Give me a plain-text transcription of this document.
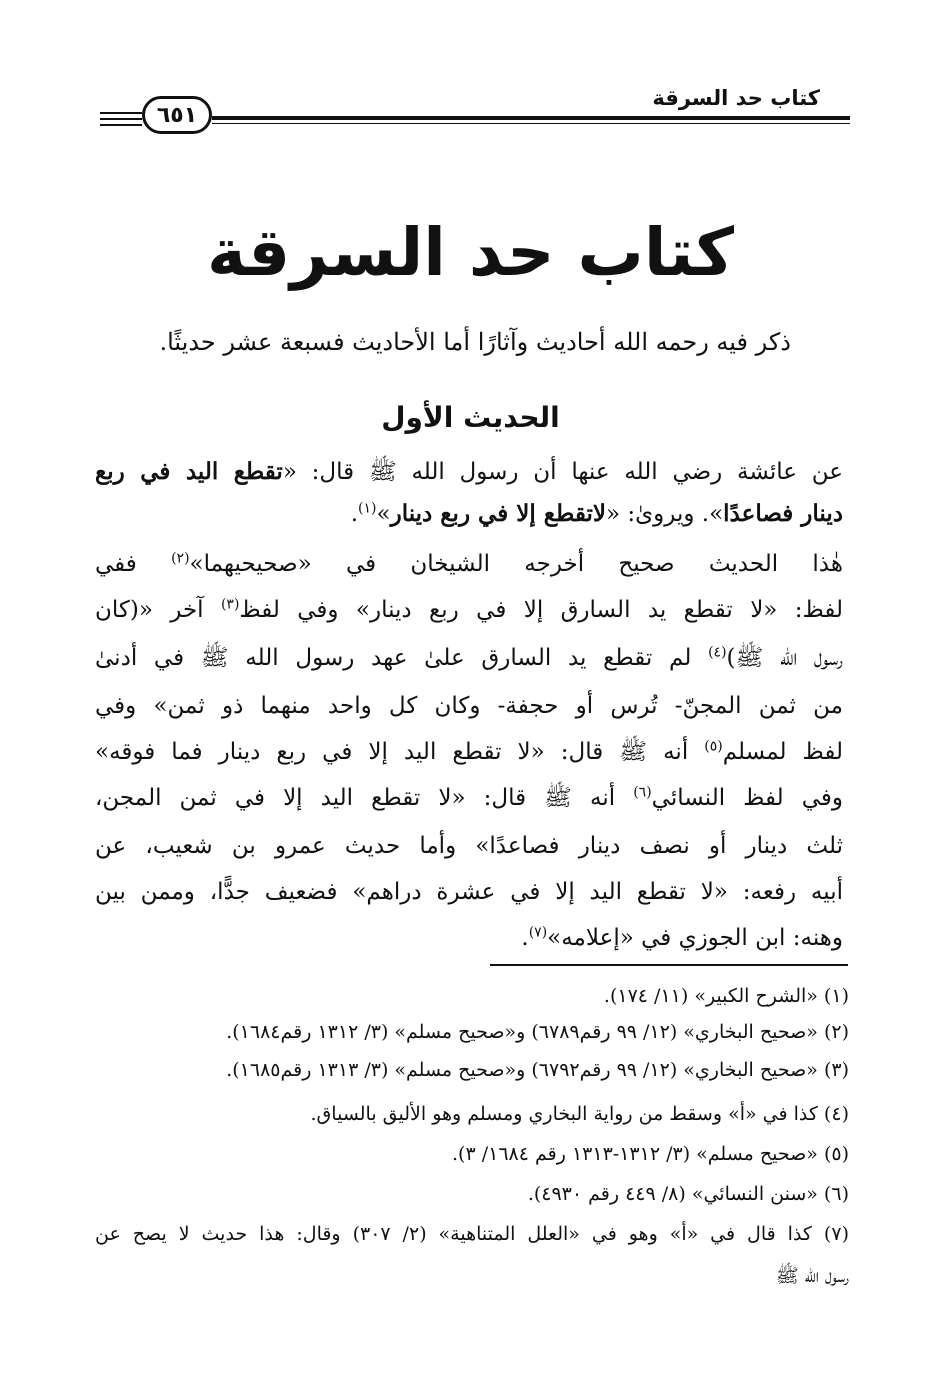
كتاب حد السرقة
٦٥١
كتاب حد السرقة
ذكر فيه رحمه الله أحاديث وآثارًا أما الأحاديث فسبعة عشر حديثًا.
الحديث الأول
عن عائشة رضي الله عنها أن رسول الله ﷺ قال: «تقطع اليد في ربع
دينار فصاعدًا». ويروىٰ: «لاتقطع إلا في ربع دينار»$^{(١)}$.
هٰذا الحديث صحيح أخرجه الشيخان في «صحيحيهما»$^{(٢)}$ ففي
لفظ: «لا تقطع يد السارق إلا في ربع دينار» وفي لفظ$^{(٣)}$ آخر «(كان
رسول الله ﷺ)$^{(٤)}$ لم تقطع يد السارق علىٰ عهد رسول الله ﷺ في أدنىٰ
من ثمن المجنّ- تُرس أو حجفة- وكان كل واحد منهما ذو ثمن» وفي
لفظ لمسلم$^{(٥)}$ أنه ﷺ قال: «لا تقطع اليد إلا في ربع دينار فما فوقه»
وفي لفظ النسائي$^{(٦)}$ أنه ﷺ قال: «لا تقطع اليد إلا في ثمن المجن،
ثلث دينار أو نصف دينار فصاعدًا» وأما حديث عمرو بن شعيب، عن
أبيه رفعه: «لا تقطع اليد إلا في عشرة دراهم» فضعيف جدًّا، وممن بين
وهنه: ابن الجوزي في «إعلامه»$^{(٧)}$.
(١) «الشرح الكبير» (١١/ ١٧٤).
(٢) «صحيح البخاري» (١٢/ ٩٩ رقم٦٧٨٩) و«صحيح مسلم» (٣/ ١٣١٢ رقم١٦٨٤).
(٣) «صحيح البخاري» (١٢/ ٩٩ رقم٦٧٩٢) و«صحيح مسلم» (٣/ ١٣١٣ رقم١٦٨٥).
(٤) كذا في «أ» وسقط من رواية البخاري ومسلم وهو الأليق بالسياق.
(٥) «صحيح مسلم» (٣/ ١٣١٢-١٣١٣ رقم ١٦٨٤/ ٣).
(٦) «سنن النسائي» (٨/ ٤٤٩ رقم ٤٩٣٠).
(٧) كذا قال في «أ» وهو في «العلل المتناهية» (٢/ ٣٠٧) وقال: هذا حديث لا يصح عن
رسول الله ﷺ
